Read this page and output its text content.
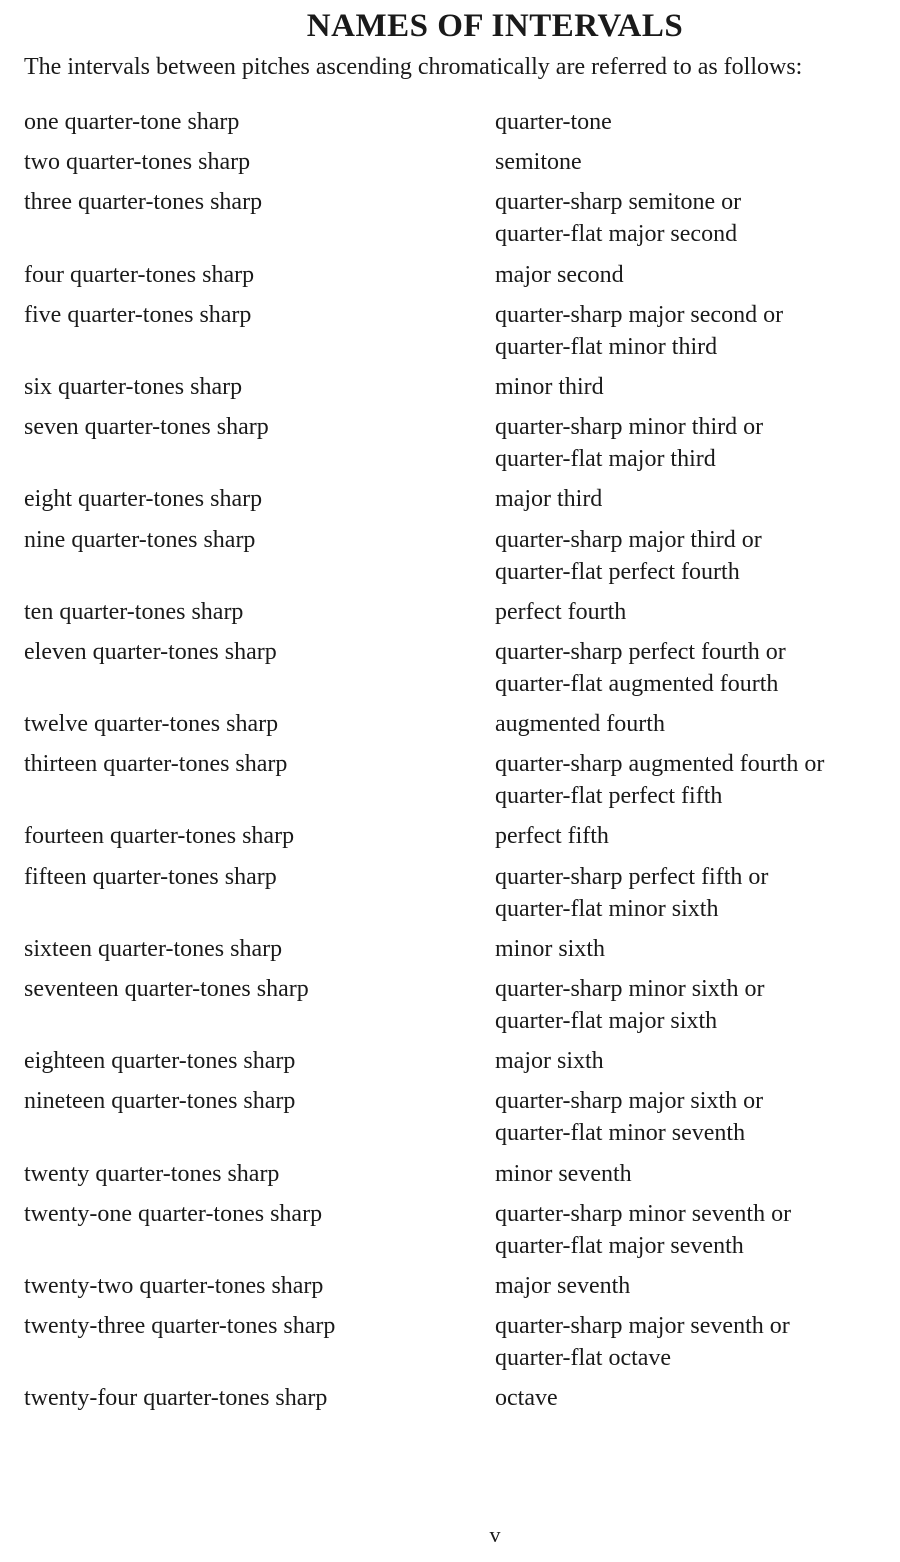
NAMES OF INTERVALS

The intervals between pitches ascending chromatically are referred to as follows:

one quarter-tone sharp	quarter-tone
two quarter-tones sharp	semitone
three quarter-tones sharp	quarter-sharp semitone or
quarter-flat major second
four quarter-tones sharp	major second
five quarter-tones sharp	quarter-sharp major second or
quarter-flat minor third
six quarter-tones sharp	minor third
seven quarter-tones sharp	quarter-sharp minor third or
quarter-flat major third
eight quarter-tones sharp	major third
nine quarter-tones sharp	quarter-sharp major third or
quarter-flat perfect fourth
ten quarter-tones sharp	perfect fourth
eleven quarter-tones sharp	quarter-sharp perfect fourth or
quarter-flat augmented fourth
twelve quarter-tones sharp	augmented fourth
thirteen quarter-tones sharp	quarter-sharp augmented fourth or
quarter-flat perfect fifth
fourteen quarter-tones sharp	perfect fifth
fifteen quarter-tones sharp	quarter-sharp perfect fifth or
quarter-flat minor sixth
sixteen quarter-tones sharp	minor sixth
seventeen quarter-tones sharp	quarter-sharp minor sixth or
quarter-flat major sixth
eighteen quarter-tones sharp	major sixth
nineteen quarter-tones sharp	quarter-sharp major sixth or
quarter-flat minor seventh
twenty quarter-tones sharp	minor seventh
twenty-one quarter-tones sharp	quarter-sharp minor seventh or
quarter-flat major seventh
twenty-two quarter-tones sharp	major seventh
twenty-three quarter-tones sharp	quarter-sharp major seventh or
quarter-flat octave
twenty-four quarter-tones sharp	octave
v
